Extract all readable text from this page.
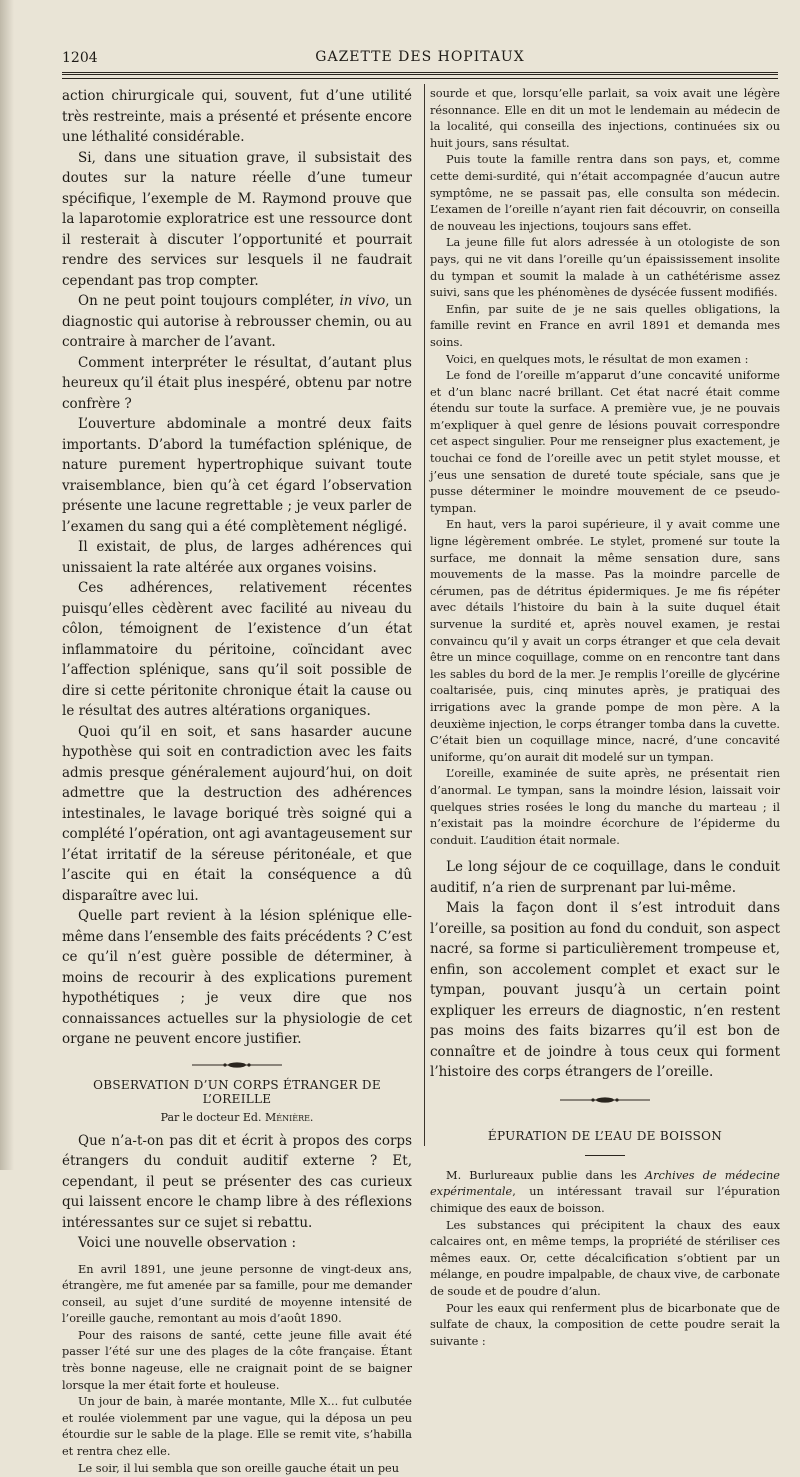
1204	GAZETTE DES HOPITAUX

action chirurgicale qui, souvent, fut d’une utilité très restreinte, mais a présenté et présente encore une léthalité considérable.

Si, dans une situation grave, il subsistait des doutes sur la nature réelle d’une tumeur spécifique, l’exemple de M. Raymond prouve que la laparotomie exploratrice est une ressource dont il resterait à discuter l’opportunité et pourrait rendre des services sur lesquels il ne faudrait cependant pas trop compter.

On ne peut point toujours compléter, in vivo, un diagnostic qui autorise à rebrousser chemin, ou au contraire à marcher de l’avant.

Comment interpréter le résultat, d’autant plus heureux qu’il était plus inespéré, obtenu par notre confrère ?

L’ouverture abdominale a montré deux faits importants. D’abord la tuméfaction splénique, de nature purement hypertrophique suivant toute vraisemblance, bien qu’à cet égard l’observation présente une lacune regrettable ; je veux parler de l’examen du sang qui a été complètement négligé.

Il existait, de plus, de larges adhérences qui unissaient la rate altérée aux organes voisins.

Ces adhérences, relativement récentes puisqu’elles cèdèrent avec facilité au niveau du côlon, témoignent de l’existence d’un état inflammatoire du péritoine, coïncidant avec l’affection splénique, sans qu’il soit possible de dire si cette péritonite chronique était la cause ou le résultat des autres altérations organiques.

Quoi qu’il en soit, et sans hasarder aucune hypothèse qui soit en contradiction avec les faits admis presque généralement aujourd’hui, on doit admettre que la destruction des adhérences intestinales, le lavage boriqué très soigné qui a complété l’opération, ont agi avantageusement sur l’état irritatif de la séreuse péritonéale, et que l’ascite qui en était la conséquence a dû disparaître avec lui.

Quelle part revient à la lésion splénique elle-même dans l’ensemble des faits précédents ? C’est ce qu’il n’est guère possible de déterminer, à moins de recourir à des explications purement hypothétiques ; je veux dire que nos connaissances actuelles sur la physiologie de cet organe ne peuvent encore justifier.

OBSERVATION D’UN CORPS ÉTRANGER DE L’OREILLE
Par le docteur Ed. Ménière.

Que n’a-t-on pas dit et écrit à propos des corps étrangers du conduit auditif externe ? Et, cependant, il peut se présenter des cas curieux qui laissent encore le champ libre à des réflexions intéressantes sur ce sujet si rebattu.

Voici une nouvelle observation :

En avril 1891, une jeune personne de vingt-deux ans, étrangère, me fut amenée par sa famille, pour me demander conseil, au sujet d’une surdité de moyenne intensité de l’oreille gauche, remontant au mois d’août 1890.

Pour des raisons de santé, cette jeune fille avait été passer l’été sur une des plages de la côte française. Étant très bonne nageuse, elle ne craignait point de se baigner lorsque la mer était forte et houleuse.

Un jour de bain, à marée montante, Mlle X... fut culbutée et roulée violemment par une vague, qui la déposa un peu étourdie sur le sable de la plage. Elle se remit vite, s’habilla et rentra chez elle.

Le soir, il lui sembla que son oreille gauche était un peu

sourde et que, lorsqu’elle parlait, sa voix avait une légère résonnance. Elle en dit un mot le lendemain au médecin de la localité, qui conseilla des injections, continuées six ou huit jours, sans résultat.

Puis toute la famille rentra dans son pays, et, comme cette demi-surdité, qui n’était accompagnée d’aucun autre symptôme, ne se passait pas, elle consulta son médecin. L’examen de l’oreille n’ayant rien fait découvrir, on conseilla de nouveau les injections, toujours sans effet.

La jeune fille fut alors adressée à un otologiste de son pays, qui ne vit dans l’oreille qu’un épaississement insolite du tympan et soumit la malade à un cathétérisme assez suivi, sans que les phénomènes de dysécée fussent modifiés.

Enfin, par suite de je ne sais quelles obligations, la famille revint en France en avril 1891 et demanda mes soins.

Voici, en quelques mots, le résultat de mon examen :

Le fond de l’oreille m’apparut d’une concavité uniforme et d’un blanc nacré brillant. Cet état nacré était comme étendu sur toute la surface. A première vue, je ne pouvais m’expliquer à quel genre de lésions pouvait correspondre cet aspect singulier. Pour me renseigner plus exactement, je touchai ce fond de l’oreille avec un petit stylet mousse, et j’eus une sensation de dureté toute spéciale, sans que je pusse déterminer le moindre mouvement de ce pseudo-tympan.

En haut, vers la paroi supérieure, il y avait comme une ligne légèrement ombrée. Le stylet, promené sur toute la surface, me donnait la même sensation dure, sans mouvements de la masse. Pas la moindre parcelle de cérumen, pas de détritus épidermiques. Je me fis répéter avec détails l’histoire du bain à la suite duquel était survenue la surdité et, après nouvel examen, je restai convaincu qu’il y avait un corps étranger et que cela devait être un mince coquillage, comme on en rencontre tant dans les sables du bord de la mer. Je remplis l’oreille de glycérine coaltarisée, puis, cinq minutes après, je pratiquai des irrigations avec la grande pompe de mon père. A la deuxième injection, le corps étranger tomba dans la cuvette. C’était bien un coquillage mince, nacré, d’une concavité uniforme, qu’on aurait dit modelé sur un tympan.

L’oreille, examinée de suite après, ne présentait rien d’anormal. Le tympan, sans la moindre lésion, laissait voir quelques stries rosées le long du manche du marteau ; il n’existait pas la moindre écorchure de l’épiderme du conduit. L’audition était normale.

Le long séjour de ce coquillage, dans le conduit auditif, n’a rien de surprenant par lui-même.

Mais la façon dont il s’est introduit dans l’oreille, sa position au fond du conduit, son aspect nacré, sa forme si particulièrement trompeuse et, enfin, son accolement complet et exact sur le tympan, pouvant jusqu’à un certain point expliquer les erreurs de diagnostic, n’en restent pas moins des faits bizarres qu’il est bon de connaître et de joindre à tous ceux qui forment l’histoire des corps étrangers de l’oreille.

ÉPURATION DE L’EAU DE BOISSON

M. Burlureaux publie dans les Archives de médecine expérimentale, un intéressant travail sur l’épuration chimique des eaux de boisson.

Les substances qui précipitent la chaux des eaux calcaires ont, en même temps, la propriété de stériliser ces mêmes eaux. Or, cette décalcification s’obtient par un mélange, en poudre impalpable, de chaux vive, de carbonate de soude et de poudre d’alun.

Pour les eaux qui renferment plus de bicarbonate que de sulfate de chaux, la composition de cette poudre serait la suivante :
